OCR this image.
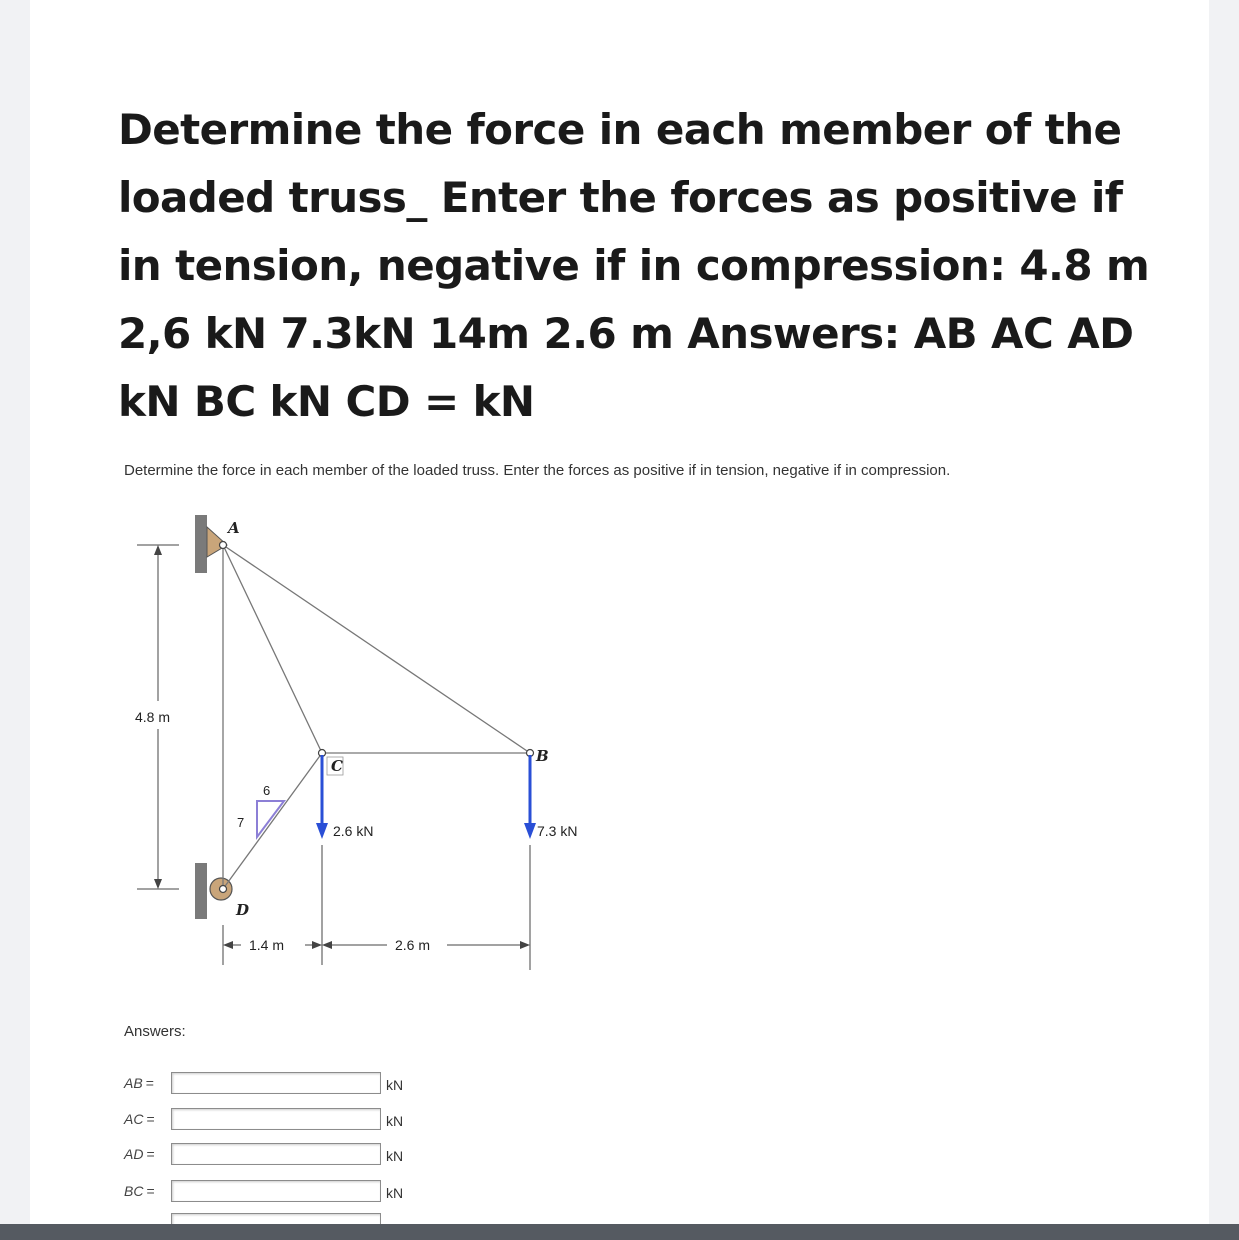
Determine the force in each member of the loaded truss_ Enter the forces as positive if in tension, negative if in compression: 4.8 m 2,6 kN 7.3kN 14m 2.6 m Answers: AB AC AD kN BC kN CD = kN
Determine the force in each member of the loaded truss. Enter the forces as positive if in tension, negative if in compression.
A
B
C
D
6
7
4.8 m
2.6 kN	7.3 kN
1.4 m	2.6 m
Answers:
AB =	kN
AC =	kN
AD =	kN
BC =	kN
